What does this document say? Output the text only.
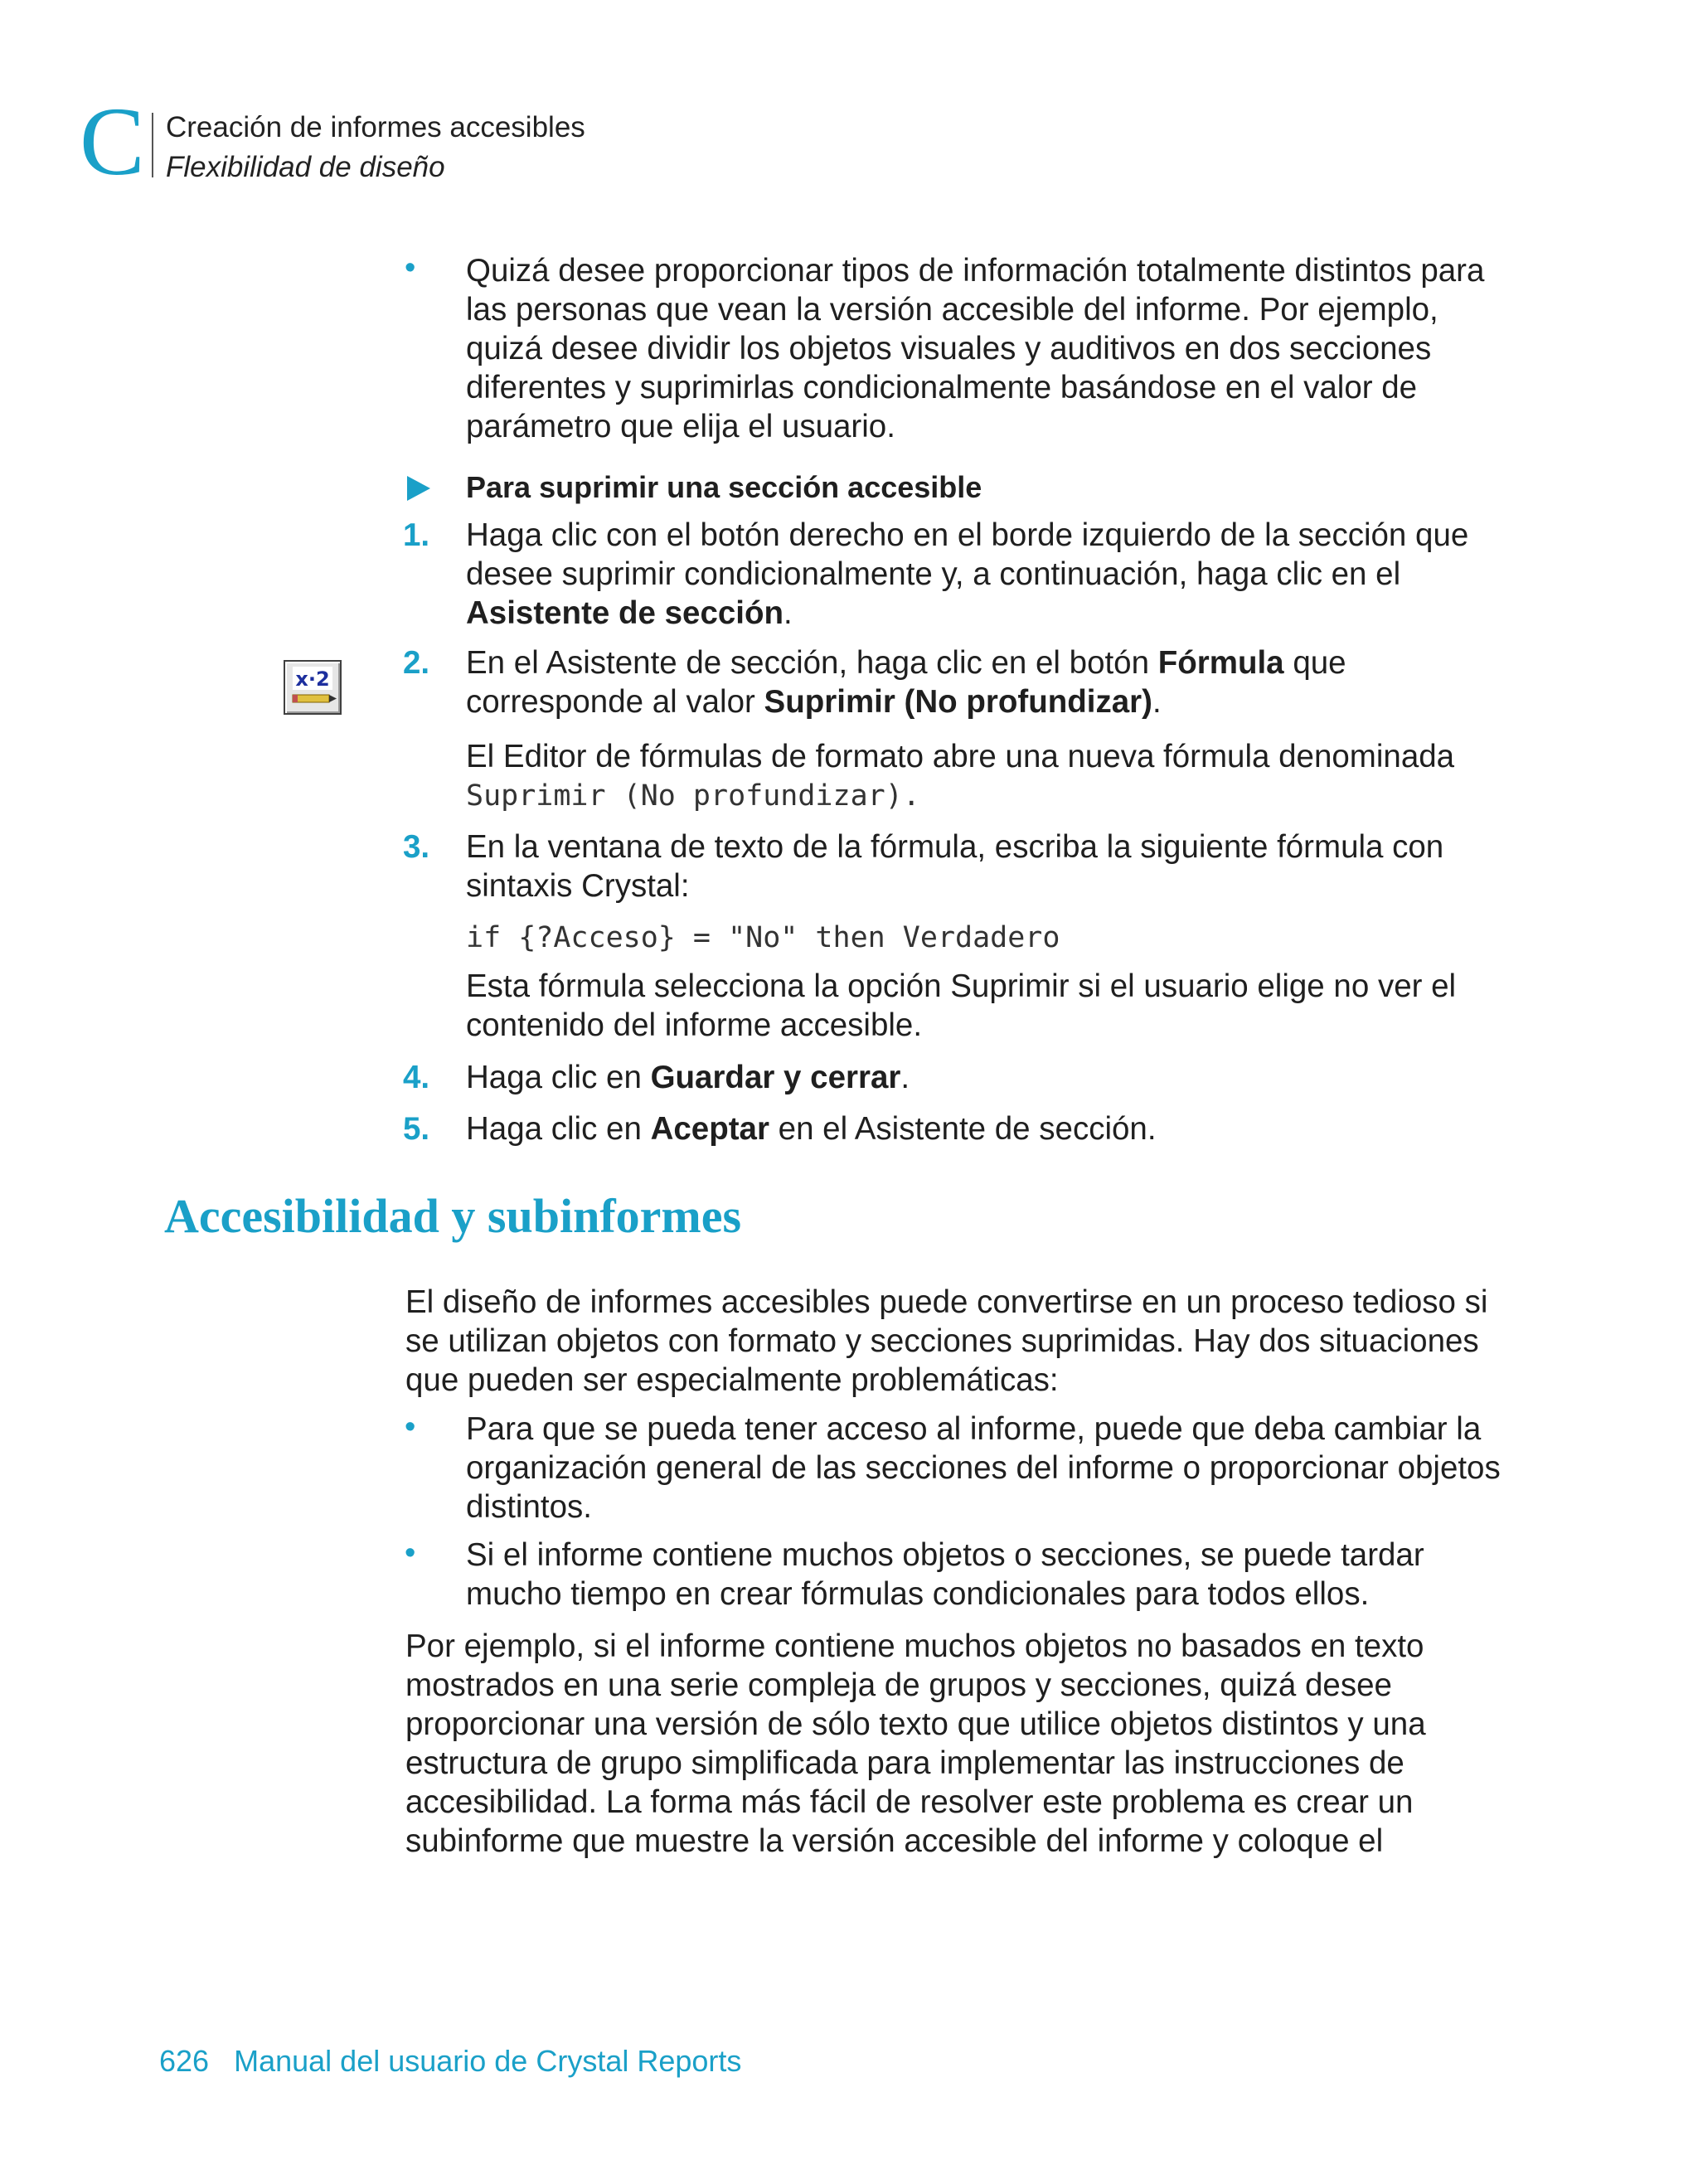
C Creación de informes accesibles
Flexibilidad de diseño
• Quizá desee proporcionar tipos de información totalmente distintos para las personas que vean la versión accesible del informe. Por ejemplo, quizá desee dividir los objetos visuales y auditivos en dos secciones diferentes y suprimirlas condicionalmente basándose en el valor de parámetro que elija el usuario.
Para suprimir una sección accesible
1. Haga clic con el botón derecho en el borde izquierdo de la sección que desee suprimir condicionalmente y, a continuación, haga clic en el Asistente de sección.
x·2 2. En el Asistente de sección, haga clic en el botón Fórmula que corresponde al valor Suprimir (No profundizar).
El Editor de fórmulas de formato abre una nueva fórmula denominada
Suprimir (No profundizar).
3. En la ventana de texto de la fórmula, escriba la siguiente fórmula con sintaxis Crystal:
if {?Acceso} = "No" then Verdadero
Esta fórmula selecciona la opción Suprimir si el usuario elige no ver el contenido del informe accesible.
4. Haga clic en Guardar y cerrar.
5. Haga clic en Aceptar en el Asistente de sección.
Accesibilidad y subinformes
El diseño de informes accesibles puede convertirse en un proceso tedioso si se utilizan objetos con formato y secciones suprimidas. Hay dos situaciones que pueden ser especialmente problemáticas:
• Para que se pueda tener acceso al informe, puede que deba cambiar la organización general de las secciones del informe o proporcionar objetos distintos.
• Si el informe contiene muchos objetos o secciones, se puede tardar mucho tiempo en crear fórmulas condicionales para todos ellos.
Por ejemplo, si el informe contiene muchos objetos no basados en texto mostrados en una serie compleja de grupos y secciones, quizá desee proporcionar una versión de sólo texto que utilice objetos distintos y una estructura de grupo simplificada para implementar las instrucciones de accesibilidad. La forma más fácil de resolver este problema es crear un subinforme que muestre la versión accesible del informe y coloque el
626 Manual del usuario de Crystal Reports
